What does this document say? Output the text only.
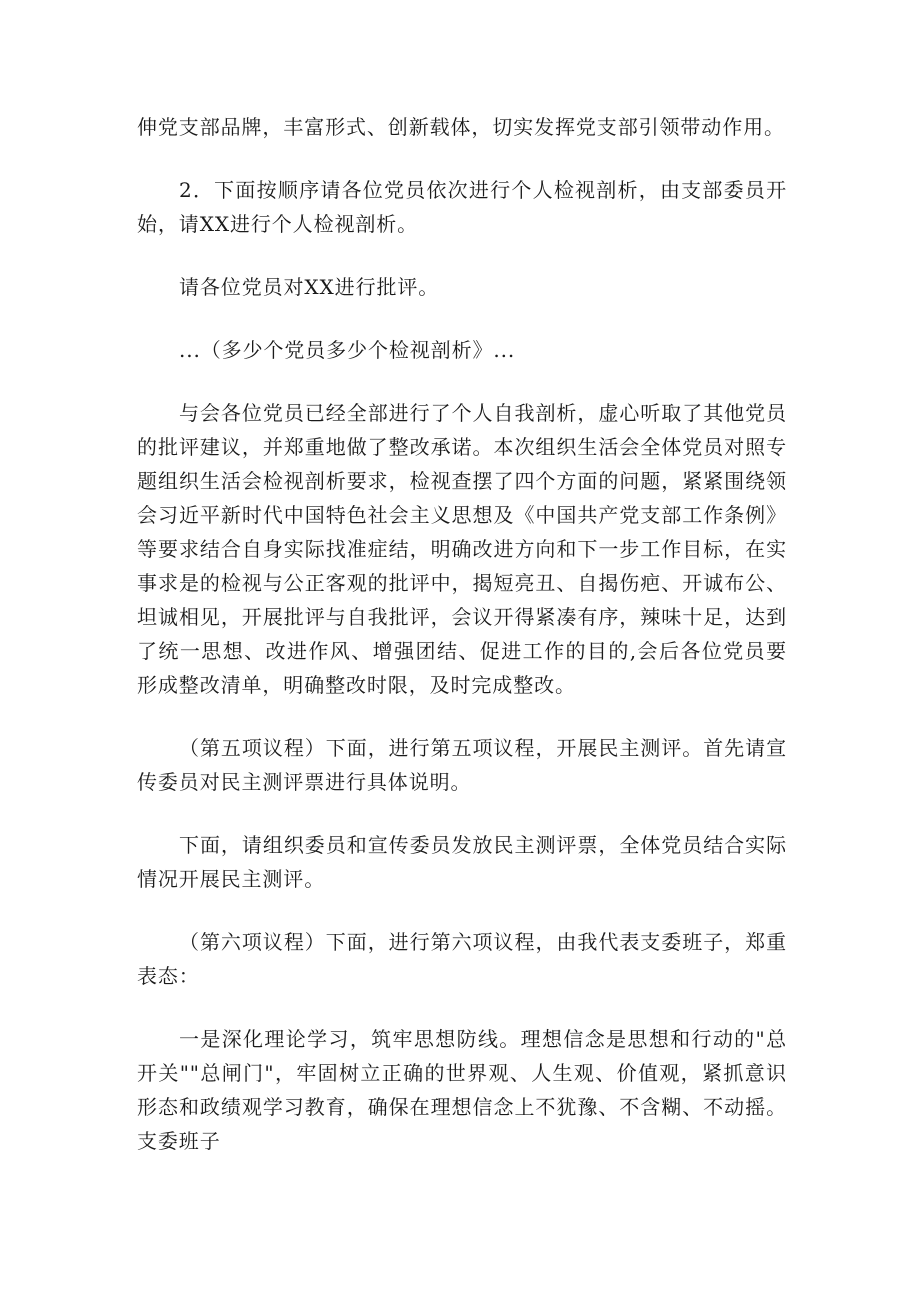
伸党支部品牌，丰富形式、创新载体，切实发挥党支部引领带动作用。

2．下面按顺序请各位党员依次进行个人检视剖析，由支部委员开始，请XX进行个人检视剖析。

请各位党员对XX进行批评。

...（多少个党员多少个检视剖析》...

与会各位党员已经全部进行了个人自我剖析，虚心听取了其他党员的批评建议，并郑重地做了整改承诺。本次组织生活会全体党员对照专题组织生活会检视剖析要求，检视查摆了四个方面的问题，紧紧围绕领会习近平新时代中国特色社会主义思想及《中国共产党支部工作条例》等要求结合自身实际找准症结，明确改进方向和下一步工作目标，在实事求是的检视与公正客观的批评中，揭短亮丑、自揭伤疤、开诚布公、坦诚相见，开展批评与自我批评，会议开得紧凑有序，辣味十足，达到了统一思想、改进作风、增强团结、促进工作的目的,会后各位党员要形成整改清单，明确整改时限，及时完成整改。

（第五项议程）下面，进行第五项议程，开展民主测评。首先请宣传委员对民主测评票进行具体说明。

下面，请组织委员和宣传委员发放民主测评票，全体党员结合实际情况开展民主测评。

（第六项议程）下面，进行第六项议程，由我代表支委班子，郑重表态：

一是深化理论学习，筑牢思想防线。理想信念是思想和行动的"总开关""总闸门"，牢固树立正确的世界观、人生观、价值观，紧抓意识形态和政绩观学习教育，确保在理想信念上不犹豫、不含糊、不动摇。支委班子
